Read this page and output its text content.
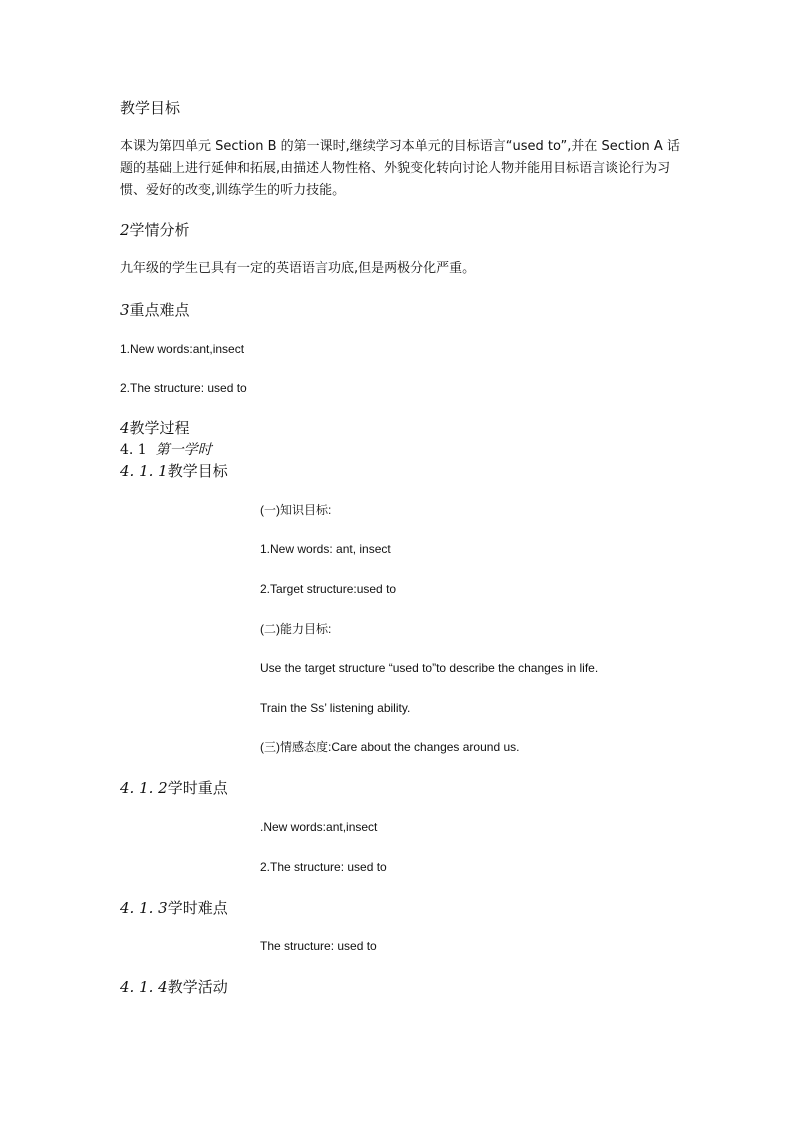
教学目标
本课为第四单元 Section B 的第一课时,继续学习本单元的目标语言“used to”,并在 Section A 话题的基础上进行延伸和拓展,由描述人物性格、外貌变化转向讨论人物并能用目标语言谈论行为习惯、爱好的改变,训练学生的听力技能。
2学情分析
九年级的学生已具有一定的英语语言功底,但是两极分化严重。
3重点难点
1.New words:ant,insect
2.The structure: used to
4教学过程
4. 1 第一学时
4. 1. 1教学目标
(一)知识目标:
1.New words: ant, insect
2.Target structure:used to
(二)能力目标:
Use the target structure “used to”to describe the changes in life.
Train the Ss’ listening ability.
(三)情感态度:Care about the changes around us.
4. 1. 2学时重点
.New words:ant,insect
2.The structure: used to
4. 1. 3学时难点
The structure: used to
4. 1. 4教学活动
